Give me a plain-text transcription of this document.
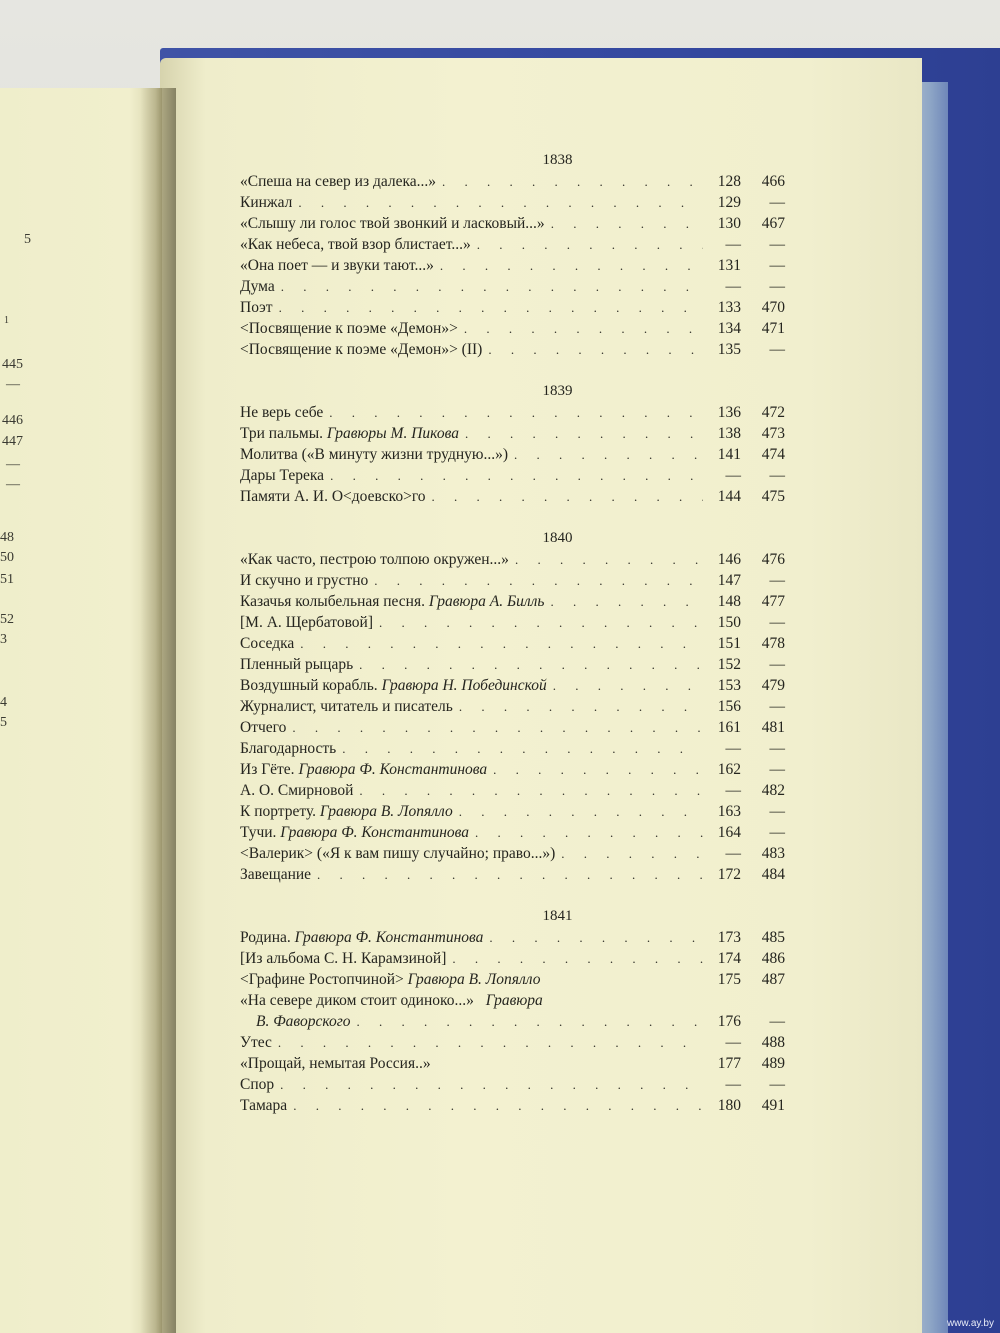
5
1
445
—
446
447
—
—
48
50
51
52
3
4
5
1838
«Спеша на север из далека...» . . .	128	466
Кинжал . . .	129	—
«Слышу ли голос твой звонкий и ласковый...» . . .	130	467
«Как небеса, твой взор блистает...» . . .	—	—
«Она поет — и звуки тают...» . . .	131	—
Дума . . .	—	—
Поэт . . .	133	470
<Посвящение к поэме «Демон»> . . .	134	471
<Посвящение к поэме «Демон»> (II) . . .	135	—
1839
Не верь себе . . .	136	472
Три пальмы. Гравюры М. Пикова . . .	138	473
Молитва («В минуту жизни трудную...») . . .	141	474
Дары Терека . . .	—	—
Памяти А. И. О<доевско>го . . .	144	475
1840
«Как часто, пестрою толпою окружен...» . . .	146	476
И скучно и грустно . . .	147	—
Казачья колыбельная песня. Гравюра А. Билль . . .	148	477
[М. А. Щербатовой] . . .	150	—
Соседка . . .	151	478
Пленный рыцарь . . .	152	—
Воздушный корабль. Гравюра Н. Побединской . . .	153	479
Журналист, читатель и писатель . . .	156	—
Отчего . . .	161	481
Благодарность . . .	—	—
Из Гёте. Гравюра Ф. Константинова . . .	162	—
А. О. Смирновой . . .	—	482
К портрету. Гравюра В. Лопялло . . .	163	—
Тучи. Гравюра Ф. Константинова . . .	164	—
<Валерик> («Я к вам пишу случайно; право...») . . .	—	483
Завещание . . .	172	484
1841
Родина. Гравюра Ф. Константинова . . .	173	485
[Из альбома С. Н. Карамзиной] . . .	174	486
<Графине Ростопчиной> Гравюра В. Лопялло	175	487
«На севере диком стоит одиноко...» Гравюра
В. Фаворского . . .	176	—
Утес . . .	—	488
«Прощай, немытая Россия..»	177	489
Спор . . .	—	—
Тамара . . .	180	491
www.ay.by
